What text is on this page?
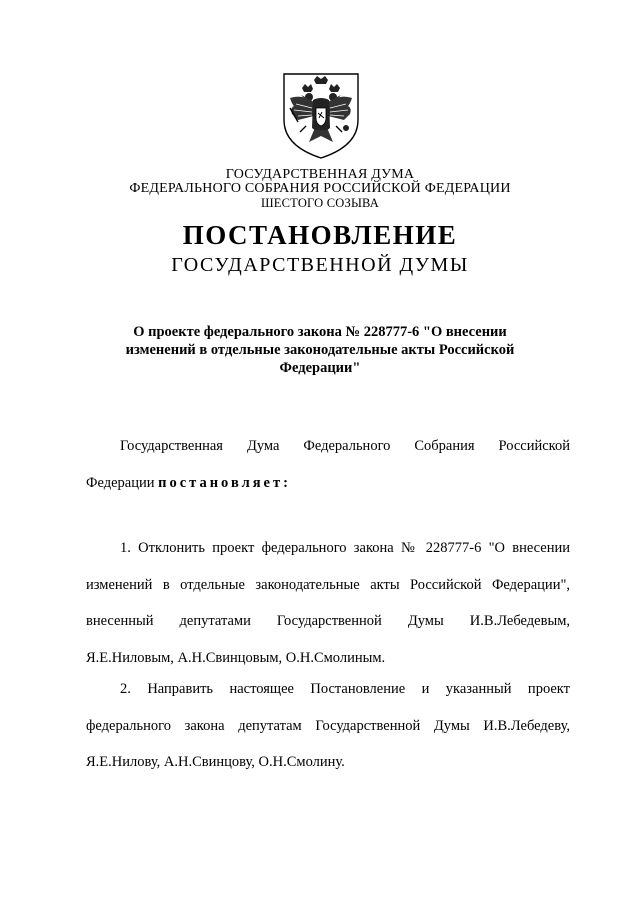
ГОСУДАРСТВЕННАЯ ДУМА
ФЕДЕРАЛЬНОГО СОБРАНИЯ РОССИЙСКОЙ ФЕДЕРАЦИИ
ШЕСТОГО СОЗЫВА
ПОСТАНОВЛЕНИЕ
ГОСУДАРСТВЕННОЙ ДУМЫ
О проекте федерального закона № 228777-6 "О внесении
изменений в отдельные законодательные акты Российской
Федерации"
Государственная Дума Федерального Собрания Российской
Федерации постановляет:
1. Отклонить проект федерального закона № 228777-6 "О внесении
изменений в отдельные законодательные акты Российской Федерации",
внесенный депутатами Государственной Думы И.В.Лебедевым,
Я.Е.Ниловым, А.Н.Свинцовым, О.Н.Смолиным.
2. Направить настоящее Постановление и указанный проект
федерального закона депутатам Государственной Думы И.В.Лебедеву,
Я.Е.Нилову, А.Н.Свинцову, О.Н.Смолину.
